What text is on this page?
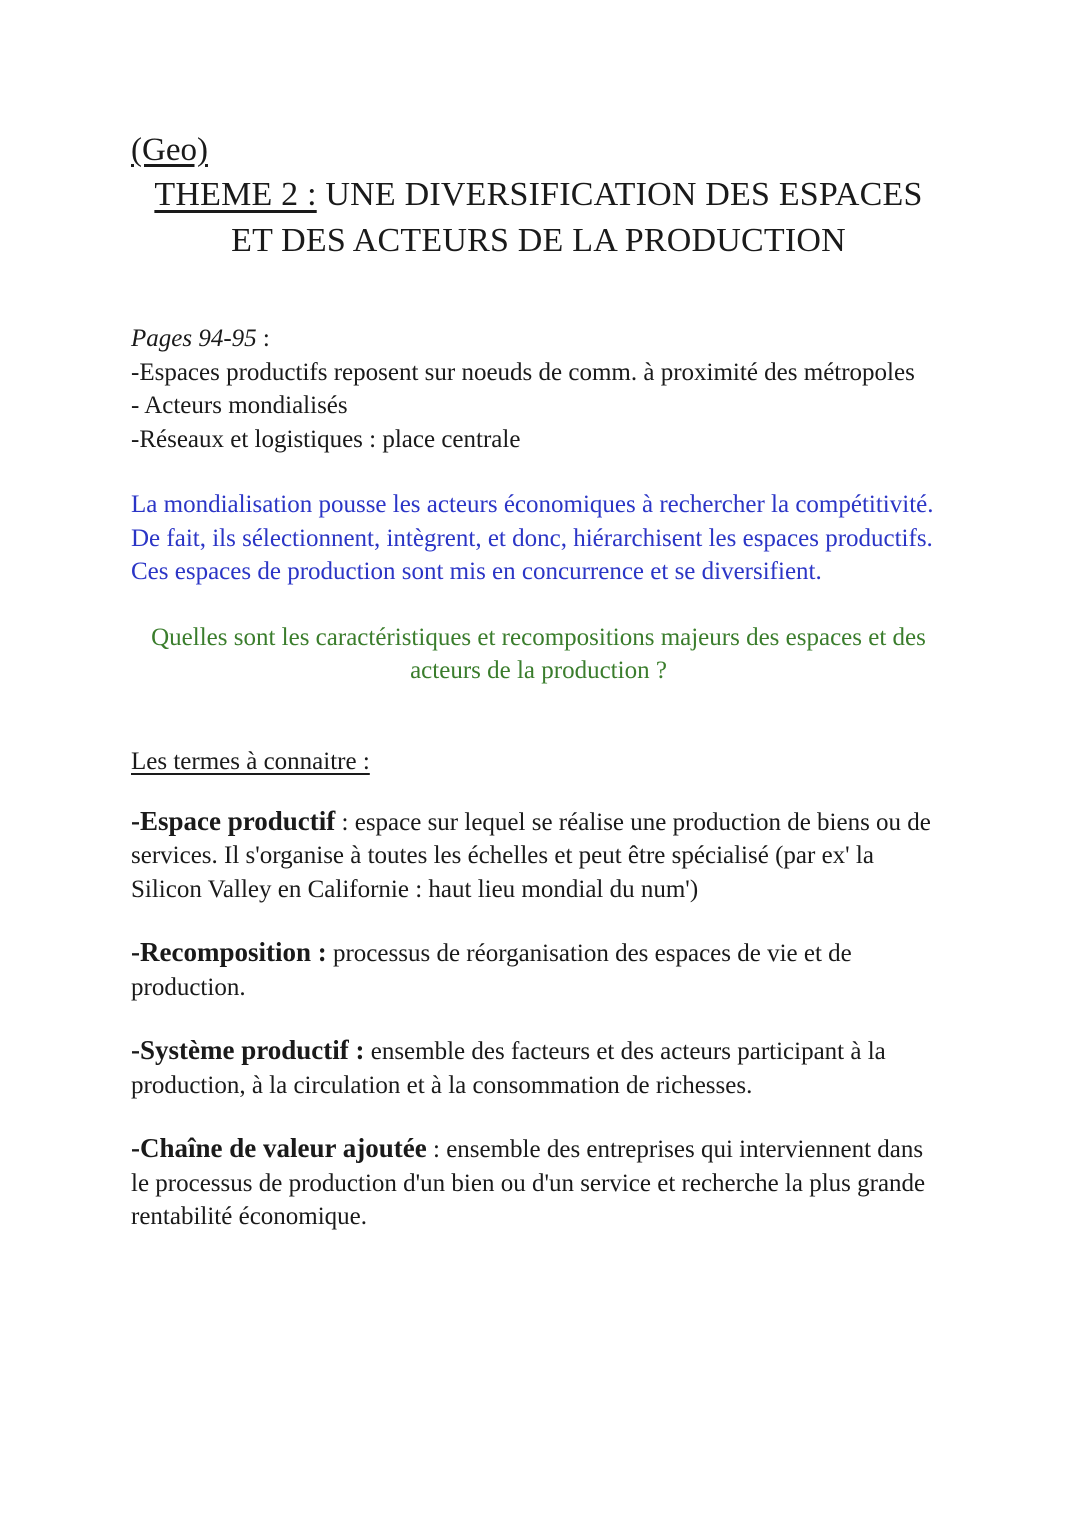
(Geo)
THEME 2 : UNE DIVERSIFICATION DES ESPACES
ET DES ACTEURS DE LA PRODUCTION

Pages 94-95 :

-Espaces productifs reposent sur noeuds de comm. à proximité des métropoles

- Acteurs mondialisés

-Réseaux et logistiques : place centrale

La mondialisation pousse les acteurs économiques à rechercher la compétitivité. De fait, ils sélectionnent, intègrent, et donc, hiérarchisent les espaces productifs. Ces espaces de production sont mis en concurrence et se diversifient.

Quelles sont les caractéristiques et recompositions majeurs des espaces et des acteurs de la production ?

Les termes à connaitre :

-Espace productif : espace sur lequel se réalise une production de biens ou de services. Il s'organise à toutes les échelles et peut être spécialisé (par ex' la Silicon Valley en Californie : haut lieu mondial du num')

-Recomposition : processus de réorganisation des espaces de vie et de production.

-Système productif : ensemble des facteurs et des acteurs participant à la production, à la circulation et à la consommation de richesses.

-Chaîne de valeur ajoutée : ensemble des entreprises qui interviennent dans le processus de production d'un bien ou d'un service et recherche la plus grande rentabilité économique.
